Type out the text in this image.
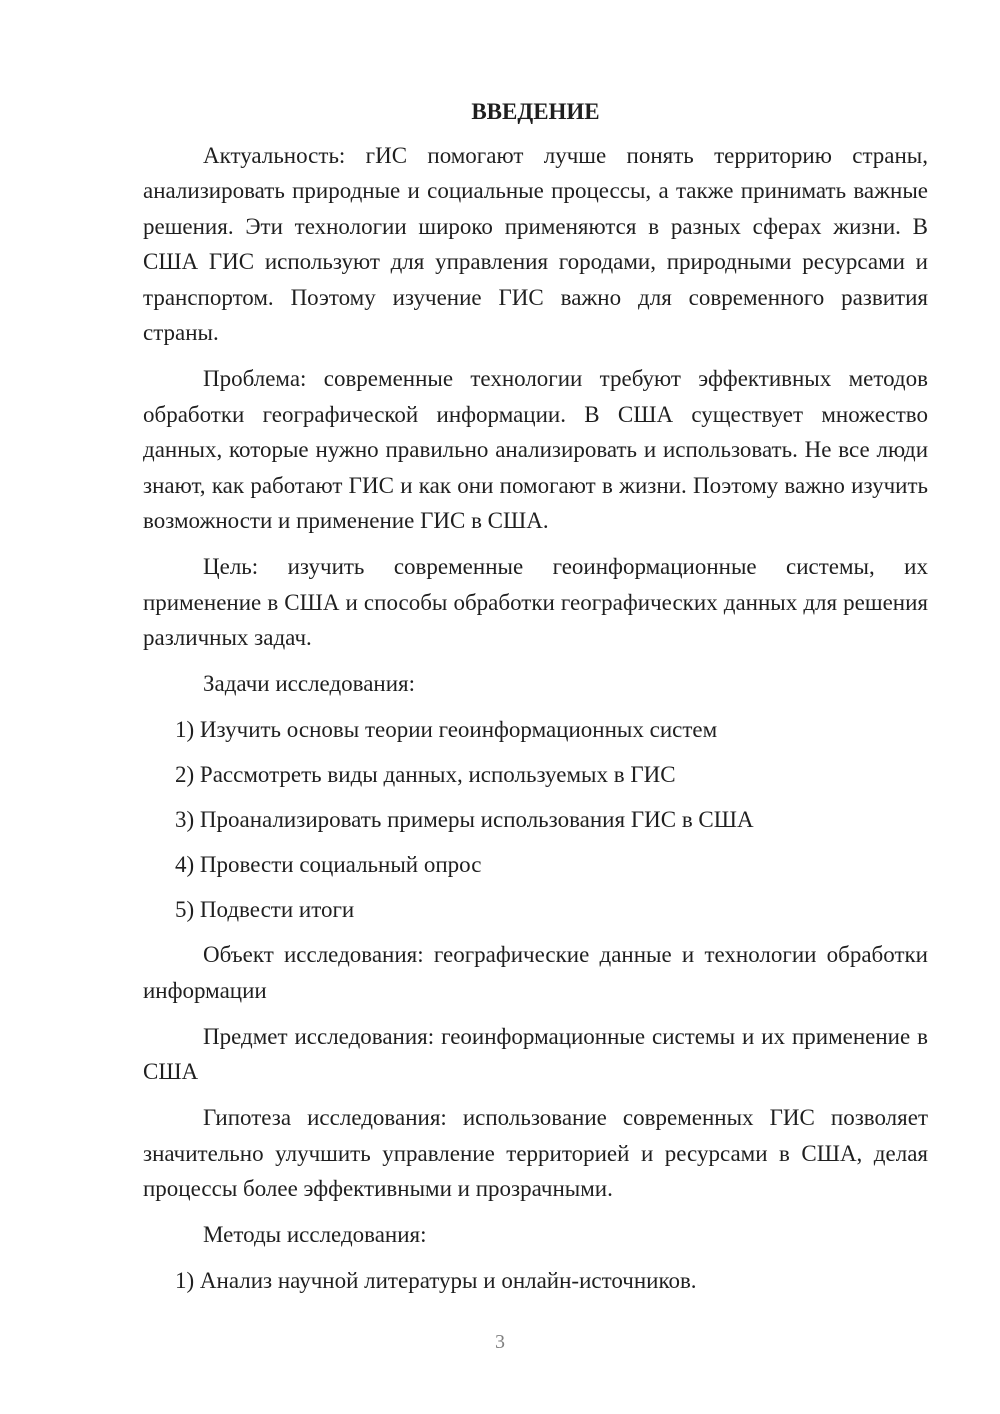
ВВЕДЕНИЕ

Актуальность: гИС помогают лучше понять территорию страны, анализировать природные и социальные процессы, а также принимать важные решения. Эти технологии широко применяются в разных сферах жизни. В США ГИС используют для управления городами, природными ресурсами и транспортом. Поэтому изучение ГИС важно для современного развития страны.

Проблема: современные технологии требуют эффективных методов обработки географической информации. В США существует множество данных, которые нужно правильно анализировать и использовать. Не все люди знают, как работают ГИС и как они помогают в жизни. Поэтому важно изучить возможности и применение ГИС в США.

Цель: изучить современные геоинформационные системы, их применение в США и способы обработки географических данных для решения различных задач.

Задачи исследования:

1) Изучить основы теории геоинформационных систем
2) Рассмотреть виды данных, используемых в ГИС
3) Проанализировать примеры использования ГИС в США
4) Провести социальный опрос
5) Подвести итоги

Объект исследования: географические данные и технологии обработки информации

Предмет исследования: геоинформационные системы и их применение в США

Гипотеза исследования: использование современных ГИС позволяет значительно улучшить управление территорией и ресурсами в США, делая процессы более эффективными и прозрачными.

Методы исследования:

1) Анализ научной литературы и онлайн-источников.
3
